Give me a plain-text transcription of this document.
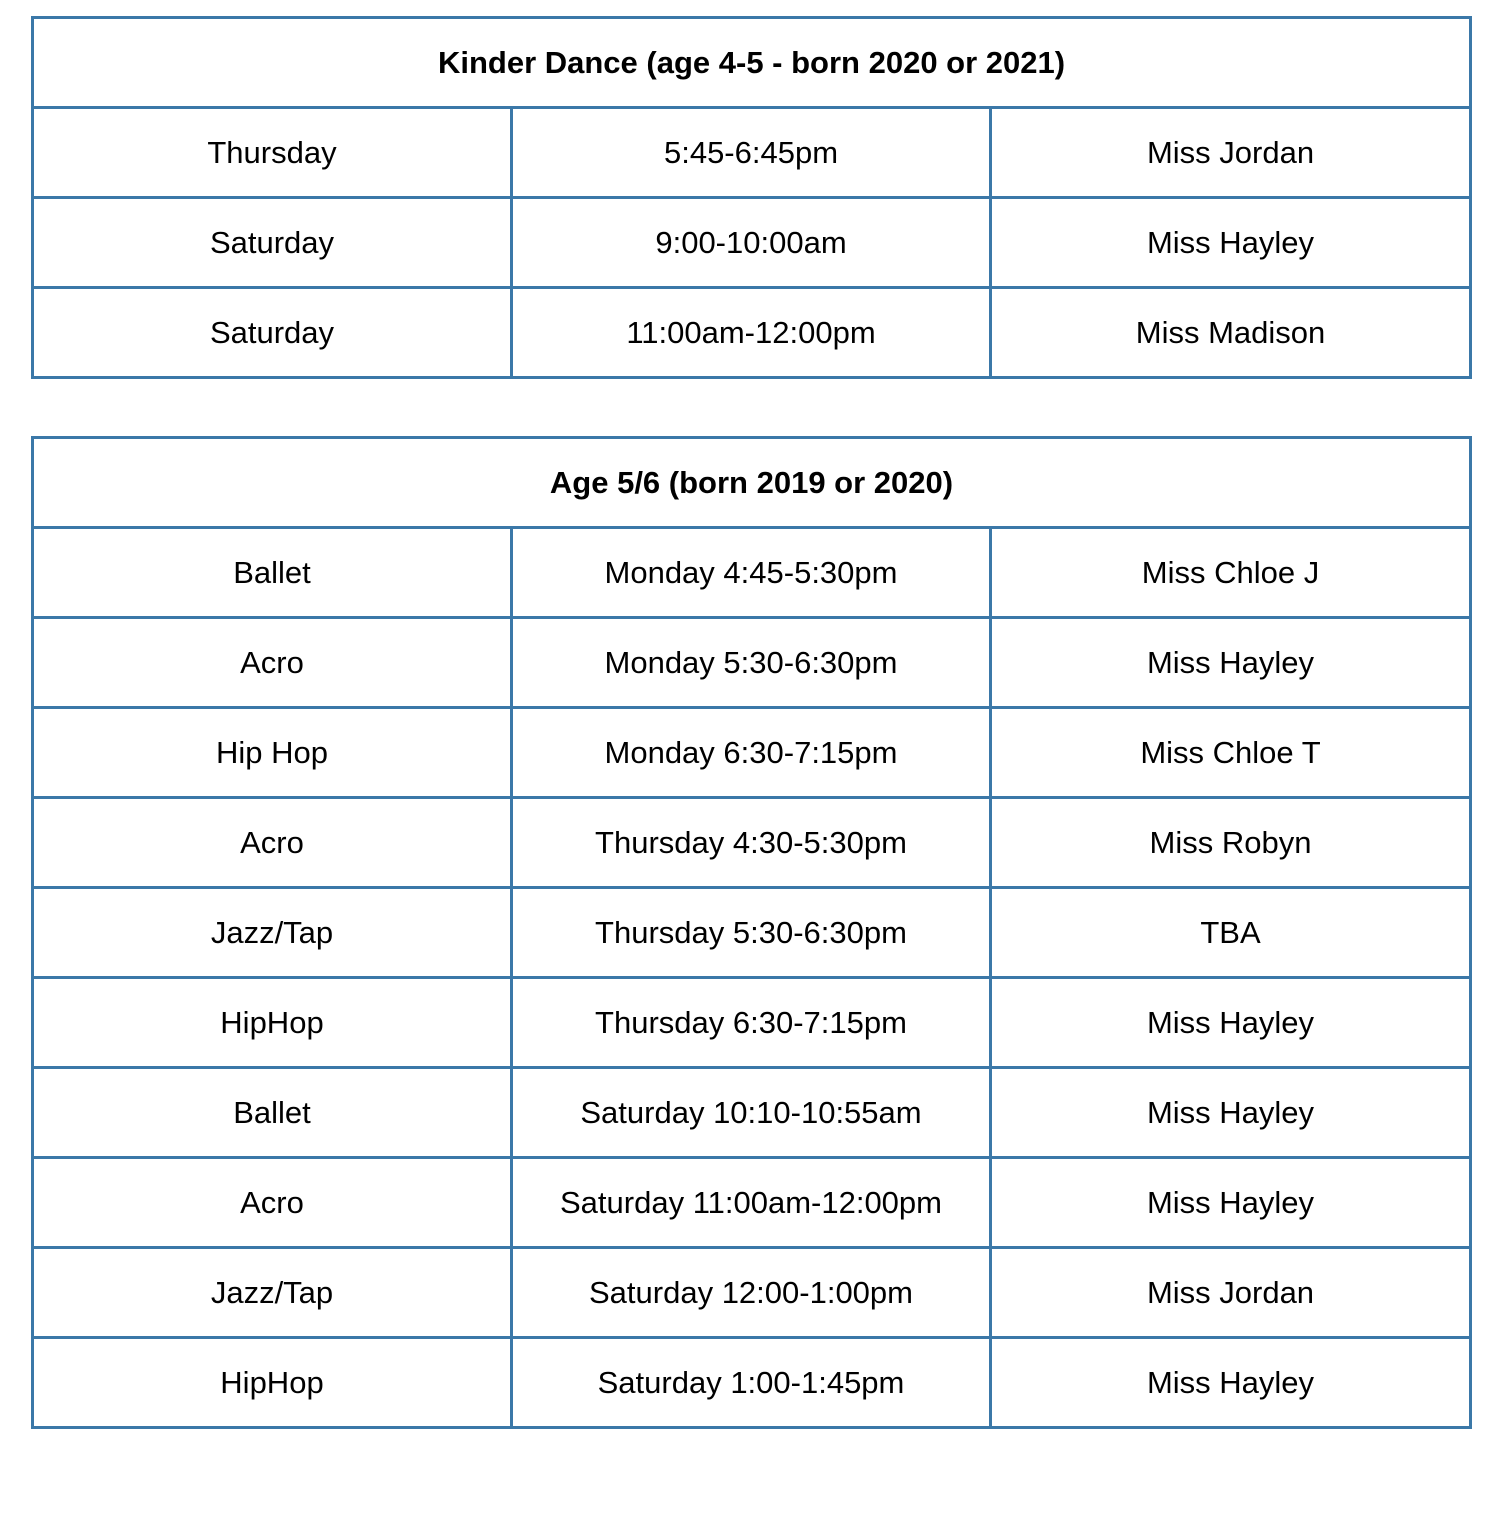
Kinder Dance (age 4-5 - born 2020 or 2021)		
Thursday	5:45-6:45pm	Miss Jordan
Saturday	9:00-10:00am	Miss Hayley
Saturday	11:00am-12:00pm	Miss Madison
Age 5/6 (born 2019 or 2020)		
Ballet	Monday 4:45-5:30pm	Miss Chloe J
Acro	Monday 5:30-6:30pm	Miss Hayley
Hip Hop	Monday 6:30-7:15pm	Miss Chloe T
Acro	Thursday 4:30-5:30pm	Miss Robyn
Jazz/Tap	Thursday 5:30-6:30pm	TBA
HipHop	Thursday 6:30-7:15pm	Miss Hayley
Ballet	Saturday 10:10-10:55am	Miss Hayley
Acro	Saturday 11:00am-12:00pm	Miss Hayley
Jazz/Tap	Saturday 12:00-1:00pm	Miss Jordan
HipHop	Saturday 1:00-1:45pm	Miss Hayley
